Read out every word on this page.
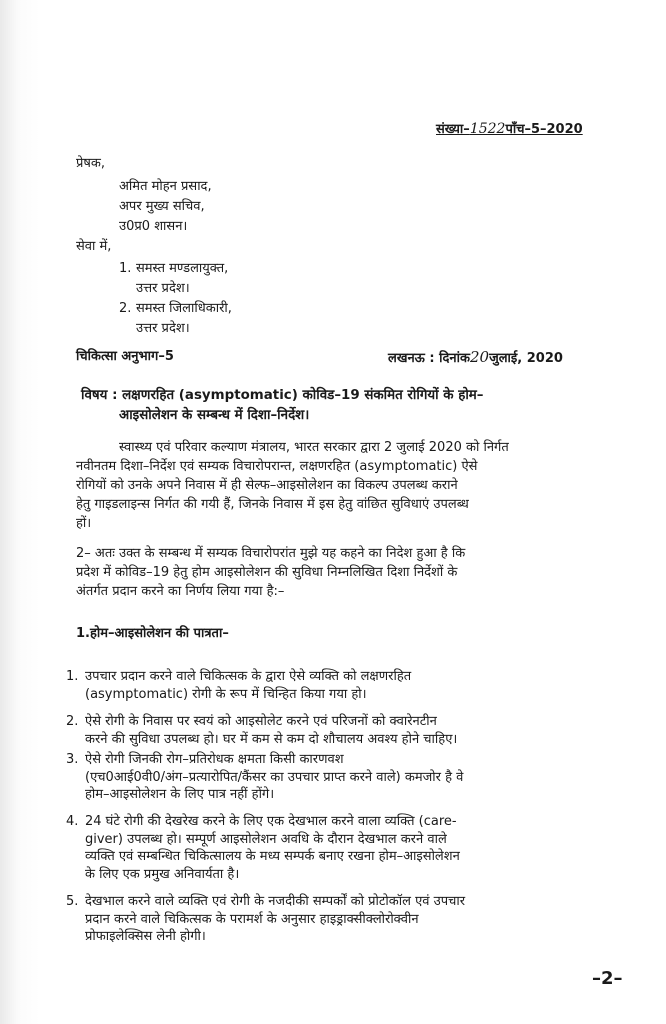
संख्या–1522पाँच–5–2020
प्रेषक,
अमित मोहन प्रसाद,
अपर मुख्य सचिव,
उ0प्र0 शासन।
सेवा में,
1. समस्त मण्डलायुक्त,
उत्तर प्रदेश।
2. समस्त जिलाधिकारी,
उत्तर प्रदेश।
चिकित्सा अनुभाग–5	लखनऊ : दिनांक20जुलाई, 2020
विषय : लक्षणरहित (asymptomatic) कोविड–19 संकमित रोगियों के होम–
आइसोलेशन के सम्बन्ध में दिशा–निर्देश।
स्वास्थ्य एवं परिवार कल्याण मंत्रालय, भारत सरकार द्वारा 2 जुलाई 2020 को निर्गत
नवीनतम दिशा–निर्देश एवं सम्यक विचारोपरान्त, लक्षणरहित (asymptomatic) ऐसे
रोगियों को उनके अपने निवास में ही सेल्फ–आइसोलेशन का विकल्प उपलब्ध कराने
हेतु गाइडलाइन्स निर्गत की गयी हैं, जिनके निवास में इस हेतु वांछित सुविधाएं उपलब्ध
हों।
2– अतः उक्त के सम्बन्ध में सम्यक विचारोपरांत मुझे यह कहने का निदेश हुआ है कि
प्रदेश में कोविड–19 हेतु होम आइसोलेशन की सुविधा निम्नलिखित दिशा निर्देशों के
अंतर्गत प्रदान करने का निर्णय लिया गया है:–
1.होम–आइसोलेशन की पात्रता–
1. उपचार प्रदान करने वाले चिकित्सक के द्वारा ऐसे व्यक्ति को लक्षणरहित
(asymptomatic) रोगी के रूप में चिन्हित किया गया हो।
2. ऐसे रोगी के निवास पर स्वयं को आइसोलेट करने एवं परिजनों को क्वारेनटीन
करने की सुविधा उपलब्ध हो। घर में कम से कम दो शौचालय अवश्य होने चाहिए।
3. ऐसे रोगी जिनकी रोग–प्रतिरोधक क्षमता किसी कारणवश
(एच0आई0वी0/अंग–प्रत्यारोपित/कैंसर का उपचार प्राप्त करने वाले) कमजोर है वे
होम–आइसोलेशन के लिए पात्र नहीं होंगे।
4. 24 घंटे रोगी की देखरेख करने के लिए एक देखभाल करने वाला व्यक्ति (care-
giver) उपलब्ध हो। सम्पूर्ण आइसोलेशन अवधि के दौरान देखभाल करने वाले
व्यक्ति एवं सम्बन्धित चिकित्सालय के मध्य सम्पर्क बनाए रखना होम–आइसोलेशन
के लिए एक प्रमुख अनिवार्यता है।
5. देखभाल करने वाले व्यक्ति एवं रोगी के नजदीकी सम्पर्कों को प्रोटोकॉल एवं उपचार
प्रदान करने वाले चिकित्सक के परामर्श के अनुसार हाइड्राक्सीक्लोरोक्वीन
प्रोफाइलेक्सिस लेनी होगी।
–2–
